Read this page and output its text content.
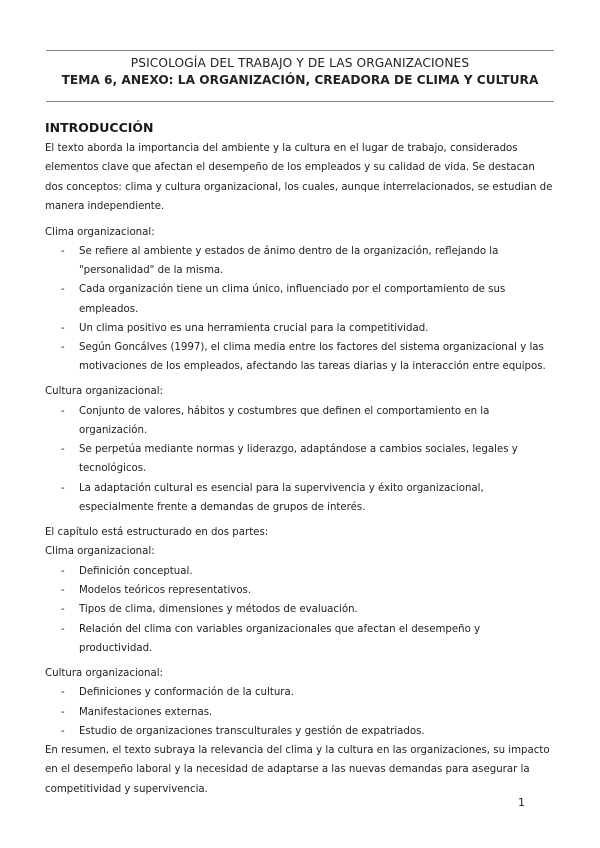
PSICOLOGÍA DEL TRABAJO Y DE LAS ORGANIZACIONES
TEMA 6, ANEXO: LA ORGANIZACIÓN, CREADORA DE CLIMA Y CULTURA
INTRODUCCIÓN

El texto aborda la importancia del ambiente y la cultura en el lugar de trabajo, considerados elementos clave que afectan el desempeño de los empleados y su calidad de vida. Se destacan dos conceptos: clima y cultura organizacional, los cuales, aunque interrelacionados, se estudian de manera independiente.

Clima organizacional:

- Se refiere al ambiente y estados de ánimo dentro de la organización, reflejando la "personalidad" de la misma.
- Cada organización tiene un clima único, influenciado por el comportamiento de sus empleados.
- Un clima positivo es una herramienta crucial para la competitividad.
- Según Goncálves (1997), el clima media entre los factores del sistema organizacional y las motivaciones de los empleados, afectando las tareas diarias y la interacción entre equipos.

Cultura organizacional:

- Conjunto de valores, hábitos y costumbres que definen el comportamiento en la organización.
- Se perpetúa mediante normas y liderazgo, adaptándose a cambios sociales, legales y tecnológicos.
- La adaptación cultural es esencial para la supervivencia y éxito organizacional, especialmente frente a demandas de grupos de interés.

El capítulo está estructurado en dos partes:

Clima organizacional:

- Definición conceptual.
- Modelos teóricos representativos.
- Tipos de clima, dimensiones y métodos de evaluación.
- Relación del clima con variables organizacionales que afectan el desempeño y productividad.

Cultura organizacional:

- Definiciones y conformación de la cultura.
- Manifestaciones externas.
- Estudio de organizaciones transculturales y gestión de expatriados.

En resumen, el texto subraya la relevancia del clima y la cultura en las organizaciones, su impacto en el desempeño laboral y la necesidad de adaptarse a las nuevas demandas para asegurar la competitividad y supervivencia.

1
